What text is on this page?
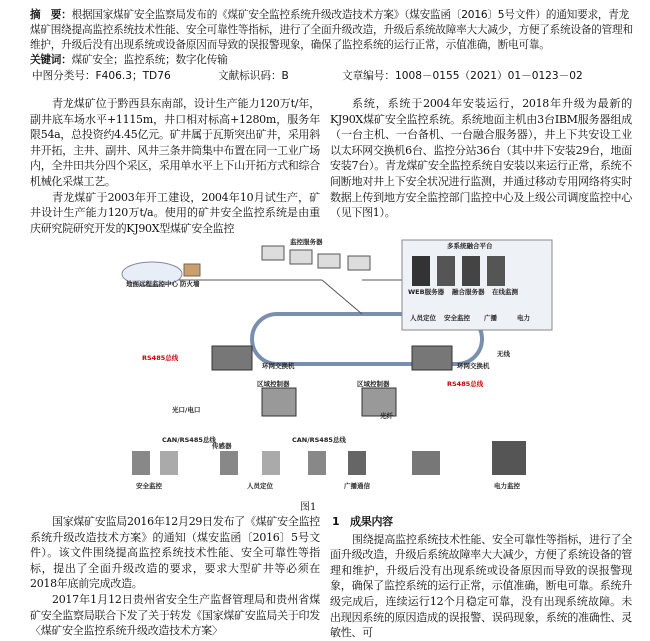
摘　要：根据国家煤矿安全监察局发布的《煤矿安全监控系统升级改造技术方案》（煤安监函〔2016〕5号文件）的通知要求，青龙煤矿围绕提高监控系统技术性能、安全可靠性等指标，进行了全面升级改造，升级后系统故障率大大减少，方便了系统设备的管理和维护，升级后没有出现系统或设备原因而导致的误报警现象，确保了监控系统的运行正常，示值准确，断电可靠。
关键词：煤矿安全；监控系统；数字化传输
中图分类号：F406.3；TD76	文献标识码：B	文章编号：1008－0155（2021）01－0123－02

青龙煤矿位于黔西县东南部，设计生产能力120万t/年，副井底车场水平+1115m，井口相对标高+1280m，服务年限54a，总投资约4.45亿元。矿井属于瓦斯突出矿井，采用斜井开拓，主井、副井、风井三条井筒集中布置在同一工业广场内，全井田共分四个采区，采用单水平上下山开拓方式和综合机械化采煤工艺。

青龙煤矿于2003年开工建设，2004年10月试生产，矿井设计生产能力120万t/a。使用的矿井安全监控系统是由重庆研究院研究开发的KJ90X型煤矿安全监控

系统，系统于2004年安装运行，2018年升级为最新的KJ90X煤矿安全监控系统。系统地面主机由3台IBM服务器组成（一台主机、一台备机、一台融合服务器），井上下共安设工业以太环网交换机6台、监控分站36台（其中井下安装29台，地面安装7台）。青龙煤矿安全监控系统自安装以来运行正常，系统不间断地对井上下安全状况进行监测，并通过移动专用网络将实时数据上传到地方安全监控部门监控中心及上级公司调度监控中心（见下图1）。

地面远程监控中心 防火墙
监控服务器	多系统融合平台
WEB服务器 融合服务器 在线监测
人员定位 安全监控 广播	电力
环网交换机	环网交换机
RS485总线
RS485总线
区域控制器	区域控制器
光口/电口
CAN/RS485总线	CAN/RS485总线
无线
光纤
安全监控	人员定位	广播通信	电力监控
传感器
图1

国家煤矿安监局2016年12月29日发布了《煤矿安全监控系统升级改造技术方案》的通知（煤安监函〔2016〕5号文件）。该文件围绕提高监控系统技术性能、安全可靠性等指标，提出了全面升级改造的要求，要求大型矿井等必须在2018年底前完成改造。

2017年1月12日贵州省安全生产监督管理局和贵州省煤矿安全监察局联合下发了关于转发《国家煤矿安监局关于印发〈煤矿安全监控系统升级改造技术方案〉

1　成果内容

围绕提高监控系统技术性能、安全可靠性等指标，进行了全面升级改造，升级后系统故障率大大减少，方便了系统设备的管理和维护，升级后没有出现系统或设备原因而导致的误报警现象，确保了监控系统的运行正常，示值准确，断电可靠。系统升级完成后，连续运行12个月稳定可靠，没有出现系统故障。未出现因系统的原因造成的误报警、误码现象，系统的准确性、灵敏性、可
